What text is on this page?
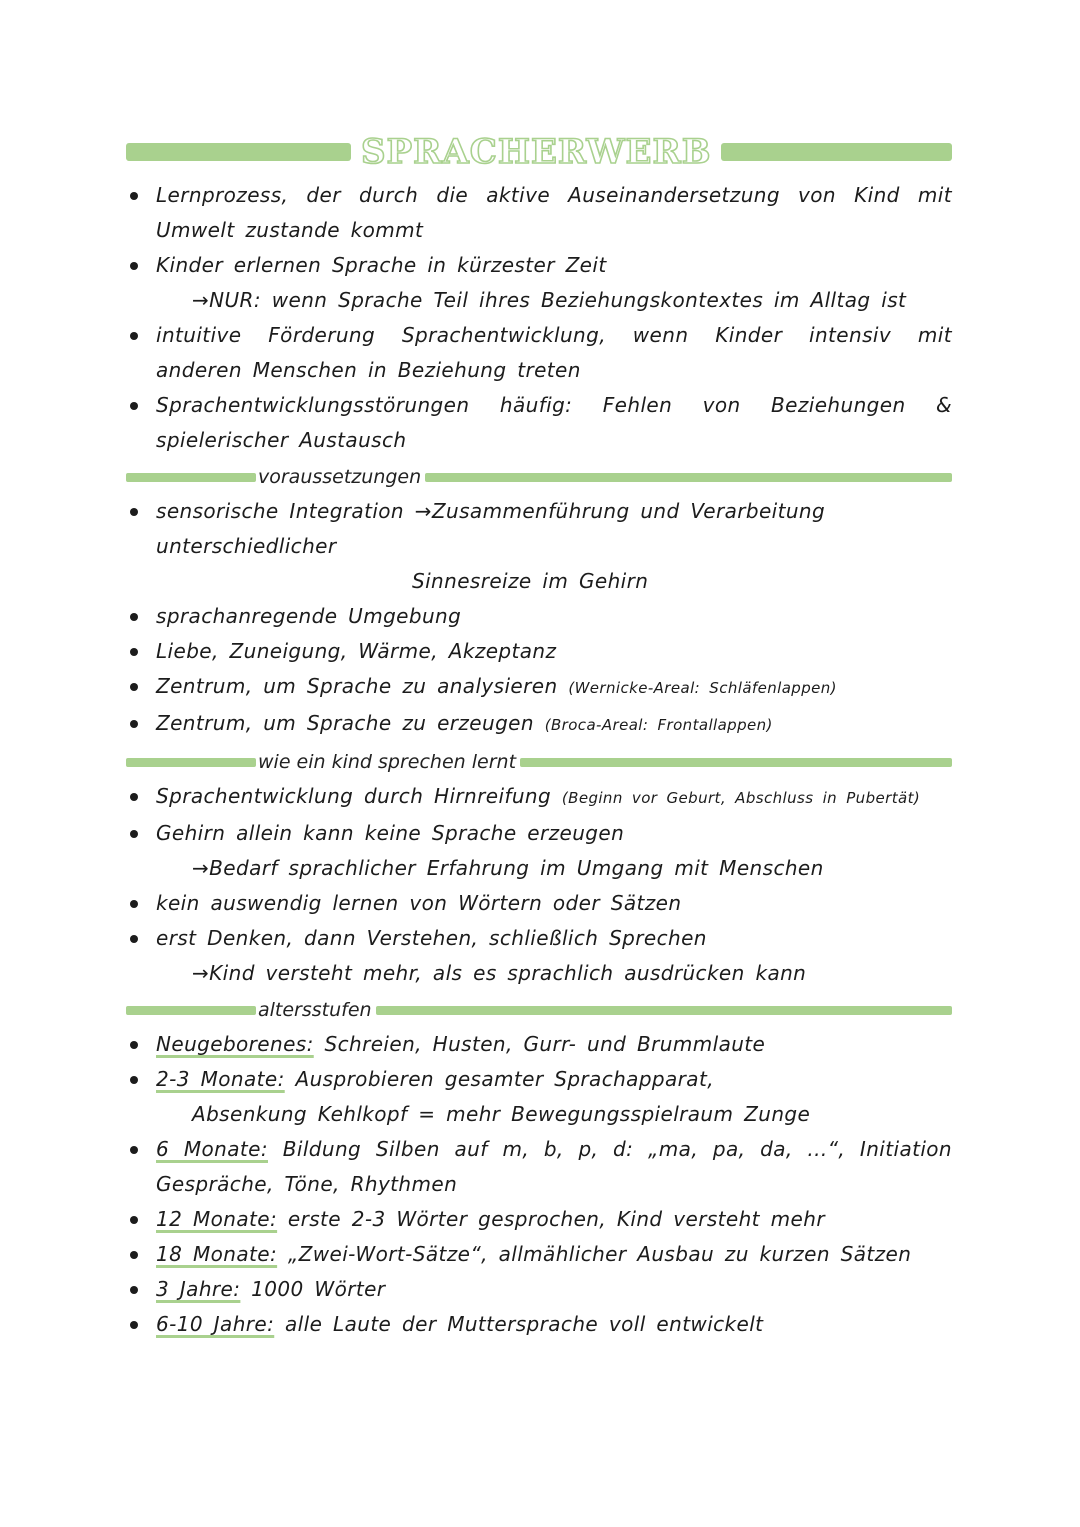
SPRACHERWERB
Lernprozess, der durch die aktive Auseinandersetzung von Kind mit Umwelt zustande kommt
Kinder erlernen Sprache in kürzester Zeit
→NUR: wenn Sprache Teil ihres Beziehungskontextes im Alltag ist
intuitive Förderung Sprachentwicklung, wenn Kinder intensiv mit anderen Menschen in Beziehung treten
Sprachentwicklungsstörungen häufig: Fehlen von Beziehungen & spielerischer Austausch
voraussetzungen
sensorische Integration →Zusammenführung und Verarbeitung unterschiedlicher
Sinnesreize im Gehirn
sprachanregende Umgebung
Liebe, Zuneigung, Wärme, Akzeptanz
Zentrum, um Sprache zu analysieren (Wernicke-Areal: Schläfenlappen)
Zentrum, um Sprache zu erzeugen (Broca-Areal: Frontallappen)
wie ein kind sprechen lernt
Sprachentwicklung durch Hirnreifung (Beginn vor Geburt, Abschluss in Pubertät)
Gehirn allein kann keine Sprache erzeugen
→Bedarf sprachlicher Erfahrung im Umgang mit Menschen
kein auswendig lernen von Wörtern oder Sätzen
erst Denken, dann Verstehen, schließlich Sprechen
→Kind versteht mehr, als es sprachlich ausdrücken kann
altersstufen
Neugeborenes: Schreien, Husten, Gurr- und Brummlaute
2-3 Monate: Ausprobieren gesamter Sprachapparat,
Absenkung Kehlkopf = mehr Bewegungsspielraum Zunge
6 Monate: Bildung Silben auf m, b, p, d: „ma, pa, da, ...“, Initiation Gespräche, Töne, Rhythmen
12 Monate: erste 2-3 Wörter gesprochen, Kind versteht mehr
18 Monate: „Zwei-Wort-Sätze“, allmählicher Ausbau zu kurzen Sätzen
3 Jahre: 1000 Wörter
6-10 Jahre: alle Laute der Muttersprache voll entwickelt
